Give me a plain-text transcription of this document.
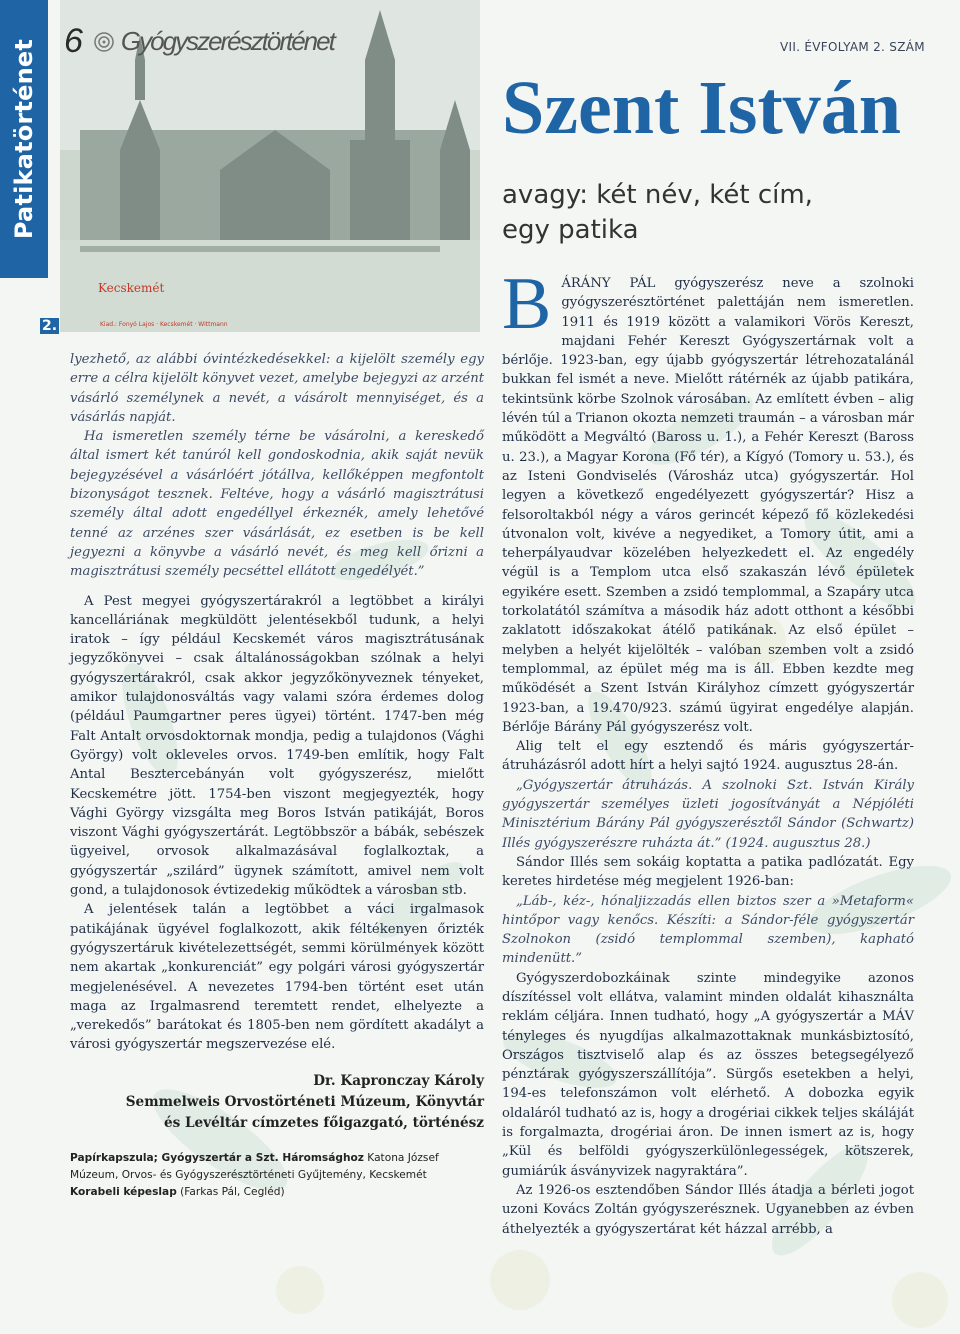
Patikatörténet
2.
Kecskemét
Kiad.: Fonyó Lajos · Kecskemét · Wittmann
6 Gyógyszerésztörténet	VII. ÉVFOLYAM 2. SZÁM
Szent István
avagy: két név, két cím, egy patika

lyezhető, az alábbi óvintézkedésekkel: a kijelölt személy egy erre a célra kijelölt könyvet vezet, amelybe bejegyzi az arzént vásárló személynek a nevét, a vásárolt mennyiséget, és a vásárlás napját.

Ha ismeretlen személy térne be vásárolni, a kereskedő által ismert két tanúról kell gondoskodnia, akik saját nevük bejegyzésével a vásárlóért jótállva, kellőképpen megfontolt bizonyságot tesznek. Feltéve, hogy a vásárló magisztrátusi személy által adott engedéllyel érkeznék, amely lehetővé tenné az arzénes szer vásárlását, ez esetben is be kell jegyezni a könyvbe a vásárló nevét, és meg kell őrizni a magisztrátusi személy pecséttel ellátott engedélyét.”

A Pest megyei gyógyszertárakról a legtöbbet a királyi kancelláriának megküldött jelentésekből tudunk, a helyi iratok – így például Kecskemét város magisztrátusának jegyzőkönyvei – csak általánosságokban szólnak a helyi gyógyszertárakról, csak akkor jegyzőkönyveznek tényeket, amikor tulajdonosváltás vagy valami szóra érdemes dolog (például Paumgartner peres ügyei) történt. 1747-ben még Falt Antalt orvosdoktornak mondja, pedig a tulajdonos (Vághi György) volt okleveles orvos. 1749-ben említik, hogy Falt Antal Besztercebányán volt gyógyszerész, mielőtt Kecskemétre jött. 1754-ben viszont megjegyezték, hogy Vághi György vizsgálta meg Boros István patikáját, Boros viszont Vághi gyógyszertárát. Legtöbbször a bábák, sebészek ügyeivel, orvosok alkalmazásával foglalkoztak, a gyógyszertár „szilárd” ügynek számított, amivel nem volt gond, a tulajdonosok évtizedekig működtek a városban stb.

A jelentések talán a legtöbbet a váci irgalmasok patikájának ügyével foglalkozott, akik féltékenyen őrizték gyógyszertáruk kivételezettségét, semmi körülmények között nem akartak „konkurenciát” egy polgári városi gyógyszertár megjelenésével. A nevezetes 1794-ben történt eset után maga az Irgalmasrend teremtett rendet, elhelyezte a „verekedős” barátokat és 1805-ben nem gördített akadályt a városi gyógyszertár megszervezése elé.

Dr. Kapronczay Károly
Semmelweis Orvostörténeti Múzeum, Könyvtár
és Levéltár címzetes főigazgató, történész
Papírkapszula; Gyógyszertár a Szt. Háromsághoz Katona József Múzeum, Orvos- és Gyógyszerésztörténeti Gyűjtemény, Kecskemét
Korabeli képeslap (Farkas Pál, Cegléd)

BÁRÁNY PÁL gyógyszerész neve a szolnoki gyógyszerésztörténet palettáján nem ismeretlen. 1911 és 1919 között a valamikori Vörös Kereszt, majdani Fehér Kereszt Gyógyszertárnak volt a bérlője. 1923-ban, egy újabb gyógyszertár létrehozatalánál bukkan fel ismét a neve. Mielőtt rátérnék az újabb patikára, tekintsünk körbe Szolnok városában. Az említett évben – alig lévén túl a Trianon okozta nemzeti traumán – a városban már működött a Megváltó (Baross u. 1.), a Fehér Kereszt (Baross u. 23.), a Magyar Korona (Fő tér), a Kígyó (Tomory u. 53.), és az Isteni Gondviselés (Városház utca) gyógyszertár. Hol legyen a következő engedélyezett gyógyszertár? Hisz a felsoroltakból négy a város gerincét képező fő közlekedési útvonalon volt, kivéve a negyediket, a Tomory útit, ami a teherpályaudvar közelében helyezkedett el. Az engedély végül is a Templom utca első szakaszán lévő épületek egyikére esett. Szemben a zsidó templommal, a Szapáry utca torkolatától számítva a második ház adott otthont a későbbi zaklatott időszakokat átélő patikának. Az első épület – melyben a helyét kijelölték – valóban szemben volt a zsidó templommal, az épület még ma is áll. Ebben kezdte meg működését a Szent István Királyhoz címzett gyógyszertár 1923-ban, a 19.470/923. számú ügyirat engedélye alapján. Bérlője Bárány Pál gyógyszerész volt.

Alig telt el egy esztendő és máris gyógyszertár-átruházásról adott hírt a helyi sajtó 1924. augusztus 28-án.

„Gyógyszertár átruházás. A szolnoki Szt. István Király gyógyszertár személyes üzleti jogosítványát a Népjóléti Minisztérium Bárány Pál gyógyszerésztől Sándor (Schwartz) Illés gyógyszerészre ruházta át.” (1924. augusztus 28.)

Sándor Illés sem sokáig koptatta a patika padlózatát. Egy keretes hirdetése még megjelent 1926-ban:

„Láb-, kéz-, hónaljizzadás ellen biztos szer a »Metaform« hintőpor vagy kenőcs. Készíti: a Sándor-féle gyógyszertár Szolnokon (zsidó templommal szemben), kapható mindenütt.”

Gyógyszerdobozkáinak szinte mindegyike azonos díszítéssel volt ellátva, valamint minden oldalát kihasználta reklám céljára. Innen tudható, hogy „A gyógyszertár a MÁV tényleges és nyugdíjas alkalmazottaknak munkásbiztosító, Országos tisztviselő alap és az összes betegsegélyező pénztárak gyógyszerszállítója”. Sürgős esetekben a helyi, 194-es telefonszámon volt elérhető. A dobozka egyik oldaláról tudható az is, hogy a drogériai cikkek teljes skáláját is forgalmazta, drogériai áron. De innen ismert az is, hogy „Kül és belföldi gyógyszerkülönlegességek, kötszerek, gumiárúk ásványvizek nagyraktára”.

Az 1926-os esztendőben Sándor Illés átadja a bérleti jogot uzoni Kovács Zoltán gyógyszerésznek. Ugyanebben az évben áthelyezték a gyógyszertárat két házzal arrébb, a
